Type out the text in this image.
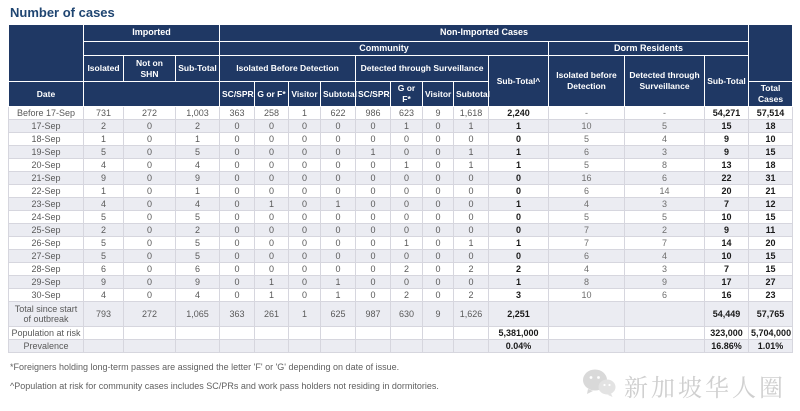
Number of cases
	Imported			Non-Imported Cases												
				Community									Dorm Residents			
	Isolated	Not on SHN	Sub-Total	Isolated Before Detection				Detected through Surveillance				Sub-Total^	Isolated before Detection	Detected through Surveillance	Sub-Total	
Date				SC/SPR	G or F*	Visitor	Subtotal	SC/SPR	G or F*	Visitor	Subtotal					Total Cases
Before 17-Sep	731	272	1,003	363	258	1	622	986	623	9	1,618	2,240	-	-	54,271	57,514
17-Sep	2	0	2	0	0	0	0	0	1	0	1	1	10	5	15	18
18-Sep	1	0	1	0	0	0	0	0	0	0	0	0	5	4	9	10
19-Sep	5	0	5	0	0	0	0	1	0	0	1	1	6	3	9	15
20-Sep	4	0	4	0	0	0	0	0	1	0	1	1	5	8	13	18
21-Sep	9	0	9	0	0	0	0	0	0	0	0	0	16	6	22	31
22-Sep	1	0	1	0	0	0	0	0	0	0	0	0	6	14	20	21
23-Sep	4	0	4	0	1	0	1	0	0	0	0	1	4	3	7	12
24-Sep	5	0	5	0	0	0	0	0	0	0	0	0	5	5	10	15
25-Sep	2	0	2	0	0	0	0	0	0	0	0	0	7	2	9	11
26-Sep	5	0	5	0	0	0	0	0	1	0	1	1	7	7	14	20
27-Sep	5	0	5	0	0	0	0	0	0	0	0	0	6	4	10	15
28-Sep	6	0	6	0	0	0	0	0	2	0	2	2	4	3	7	15
29-Sep	9	0	9	0	1	0	1	0	0	0	0	1	8	9	17	27
30-Sep	4	0	4	0	1	0	1	0	2	0	2	3	10	6	16	23
Total since start of outbreak	793	272	1,065	363	261	1	625	987	630	9	1,626	2,251			54,449	57,765
Population at risk												5,381,000			323,000	5,704,000
Prevalence												0.04%			16.86%	1.01%

*Foreigners holding long-term passes are assigned the letter 'F' or 'G' depending on date of issue.

^Population at risk for community cases includes SC/PRs and work pass holders not residing in dormitories.	新加坡华人圈
